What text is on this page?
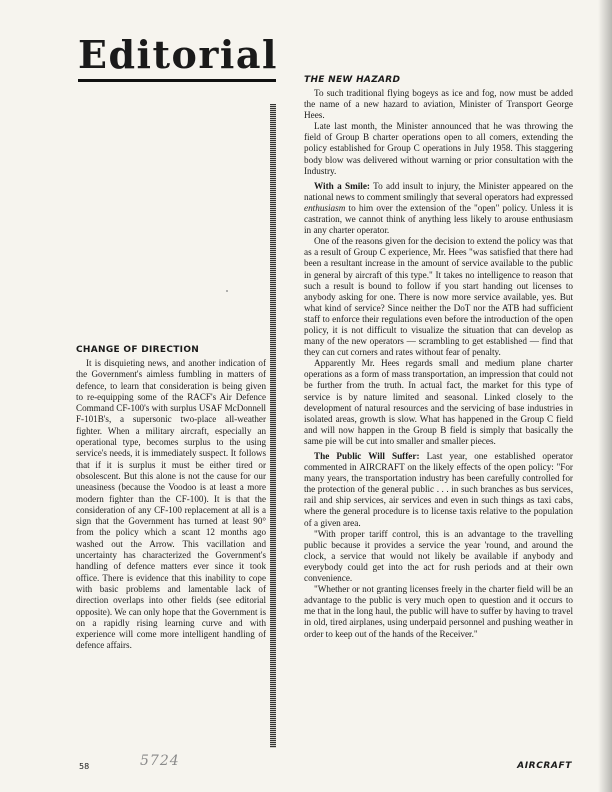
Editorial
CHANGE OF DIRECTION

It is disquieting news, and another indication of the Government's aimless fumbling in matters of defence, to learn that consideration is being given to re-equipping some of the RACF's Air Defence Command CF-100's with surplus USAF McDonnell F-101B's, a supersonic two-place all-weather fighter. When a military aircraft, especially an operational type, becomes surplus to the using service's needs, it is immediately suspect. It follows that if it is surplus it must be either tired or obsolescent. But this alone is not the cause for our uneasiness (because the Voodoo is at least a more modern fighter than the CF-100). It is that the consideration of any CF-100 replacement at all is a sign that the Government has turned at least 90° from the policy which a scant 12 months ago washed out the Arrow. This vacillation and uncertainty has characterized the Government's handling of defence matters ever since it took office. There is evidence that this inability to cope with basic problems and lamentable lack of direction overlaps into other fields (see editorial opposite). We can only hope that the Government is on a rapidly rising learning curve and with experience will come more intelligent handling of defence affairs.

THE NEW HAZARD

To such traditional flying bogeys as ice and fog, now must be added the name of a new hazard to aviation, Minister of Transport George Hees.

Late last month, the Minister announced that he was throwing the field of Group B charter operations open to all comers, extending the policy established for Group C operations in July 1958. This staggering body blow was delivered without warning or prior consultation with the Industry.

With a Smile: To add insult to injury, the Minister appeared on the national news to comment smilingly that several operators had expressed enthusiasm to him over the extension of the "open" policy. Unless it is castration, we cannot think of anything less likely to arouse enthusiasm in any charter operator.

One of the reasons given for the decision to extend the policy was that as a result of Group C experience, Mr. Hees "was satisfied that there had been a resultant increase in the amount of service available to the public in general by aircraft of this type." It takes no intelligence to reason that such a result is bound to follow if you start handing out licenses to anybody asking for one. There is now more service available, yes. But what kind of service? Since neither the DoT nor the ATB had sufficient staff to enforce their regulations even before the introduction of the open policy, it is not difficult to visualize the situation that can develop as many of the new operators — scrambling to get established — find that they can cut corners and rates without fear of penalty.

Apparently Mr. Hees regards small and medium plane charter operations as a form of mass transportation, an impression that could not be further from the truth. In actual fact, the market for this type of service is by nature limited and seasonal. Linked closely to the development of natural resources and the servicing of base industries in isolated areas, growth is slow. What has happened in the Group C field and will now happen in the Group B field is simply that basically the same pie will be cut into smaller and smaller pieces.

The Public Will Suffer: Last year, one established operator commented in AIRCRAFT on the likely effects of the open policy: "For many years, the transportation industry has been carefully controlled for the protection of the general public . . . in such branches as bus services, rail and ship services, air services and even in such things as taxi cabs, where the general procedure is to license taxis relative to the population of a given area.

"With proper tariff control, this is an advantage to the travelling public because it provides a service the year 'round, and around the clock, a service that would not likely be available if anybody and everybody could get into the act for rush periods and at their own convenience.

"Whether or not granting licenses freely in the charter field will be an advantage to the public is very much open to question and it occurs to me that in the long haul, the public will have to suffer by having to travel in old, tired airplanes, using underpaid personnel and pushing weather in order to keep out of the hands of the Receiver."

58	5724	AIRCRAFT
